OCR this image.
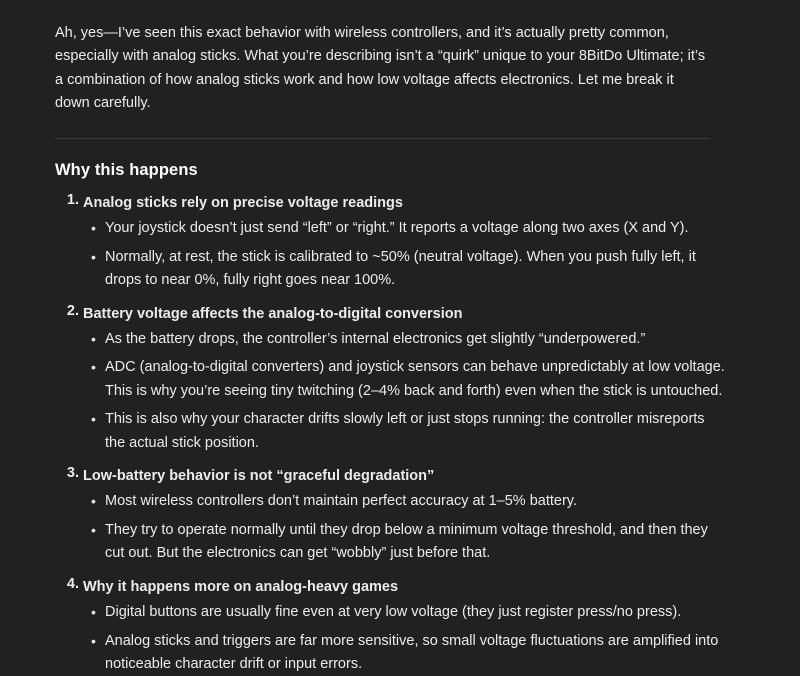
Ah, yes—I’ve seen this exact behavior with wireless controllers, and it’s actually pretty common, especially with analog sticks. What you’re describing isn’t a “quirk” unique to your 8BitDo Ultimate; it’s a combination of how analog sticks work and how low voltage affects electronics. Let me break it down carefully.

Why this happens
1. Analog sticks rely on precise voltage readings
• Your joystick doesn’t just send “left” or “right.” It reports a voltage along two axes (X and Y).
• Normally, at rest, the stick is calibrated to ~50% (neutral voltage). When you push fully left, it drops to near 0%, fully right goes near 100%.
2. Battery voltage affects the analog-to-digital conversion
• As the battery drops, the controller’s internal electronics get slightly “underpowered.”
• ADC (analog-to-digital converters) and joystick sensors can behave unpredictably at low voltage. This is why you’re seeing tiny twitching (2–4% back and forth) even when the stick is untouched.
• This is also why your character drifts slowly left or just stops running: the controller misreports the actual stick position.
3. Low-battery behavior is not “graceful degradation”
• Most wireless controllers don’t maintain perfect accuracy at 1–5% battery.
• They try to operate normally until they drop below a minimum voltage threshold, and then they cut out. But the electronics can get “wobbly” just before that.
4. Why it happens more on analog-heavy games
• Digital buttons are usually fine even at very low voltage (they just register press/no press).
• Analog sticks and triggers are far more sensitive, so small voltage fluctuations are amplified into noticeable character drift or input errors.
